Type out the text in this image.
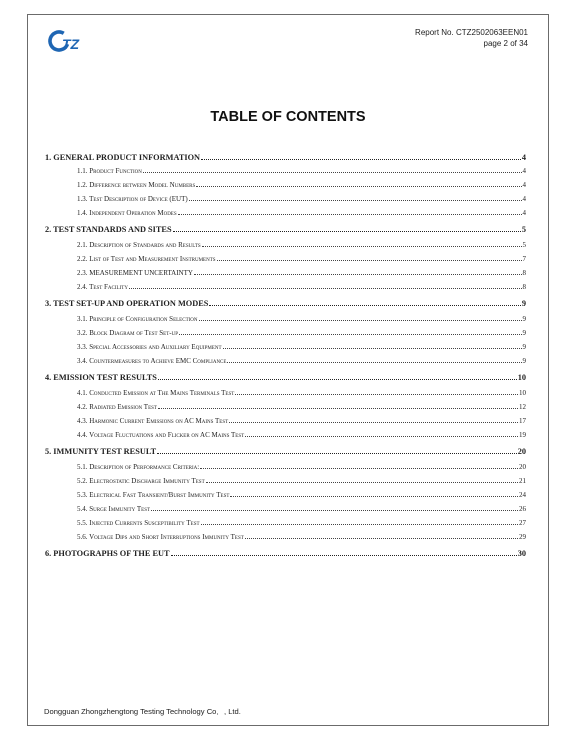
TZ
Report No. CTZ2502063EEN01
page 2 of 34
TABLE OF CONTENTS
1. GENERAL PRODUCT INFORMATION	4
1.1. Product Function	4
1.2. Difference between Model Numbers	4
1.3. Test Description of Device (EUT)	4
1.4. Independent Operation Modes	4
2. TEST STANDARDS AND SITES	5
2.1. Description of Standards and Results	5
2.2. List of Test and Measurement Instruments	7
2.3. MEASUREMENT UNCERTAINTY	8
2.4. Test Facility	8
3. TEST SET-UP AND OPERATION MODES	9
3.1. Principle of Configuration Selection	9
3.2. Block Diagram of Test Set-up	9
3.3. Special Accessories and Auxiliary Equipment	9
3.4. Countermeasures to Achieve EMC Compliance	9
4. EMISSION TEST RESULTS	10
4.1. Conducted Emission at The Mains Terminals Test	10
4.2. Radiated Emission Test	12
4.3. Harmonic Current Emissions on AC Mains Test	17
4.4. Voltage Fluctuations and Flicker on AC Mains Test	19
5. IMMUNITY TEST RESULT	20
5.1. Description of Performance Criteria:	20
5.2. Electrostatic Discharge Immunity Test	21
5.3. Electrical Fast Transient/Burst Immunity Test	24
5.4. Surge Immunity Test	26
5.5. Injected Currents Susceptibility Test	27
5.6. Voltage Dips and Short Interruptions Immunity Test	29
6. PHOTOGRAPHS OF THE EUT	30
Dongguan Zhongzhengtong Testing Technology Co．, Ltd.
